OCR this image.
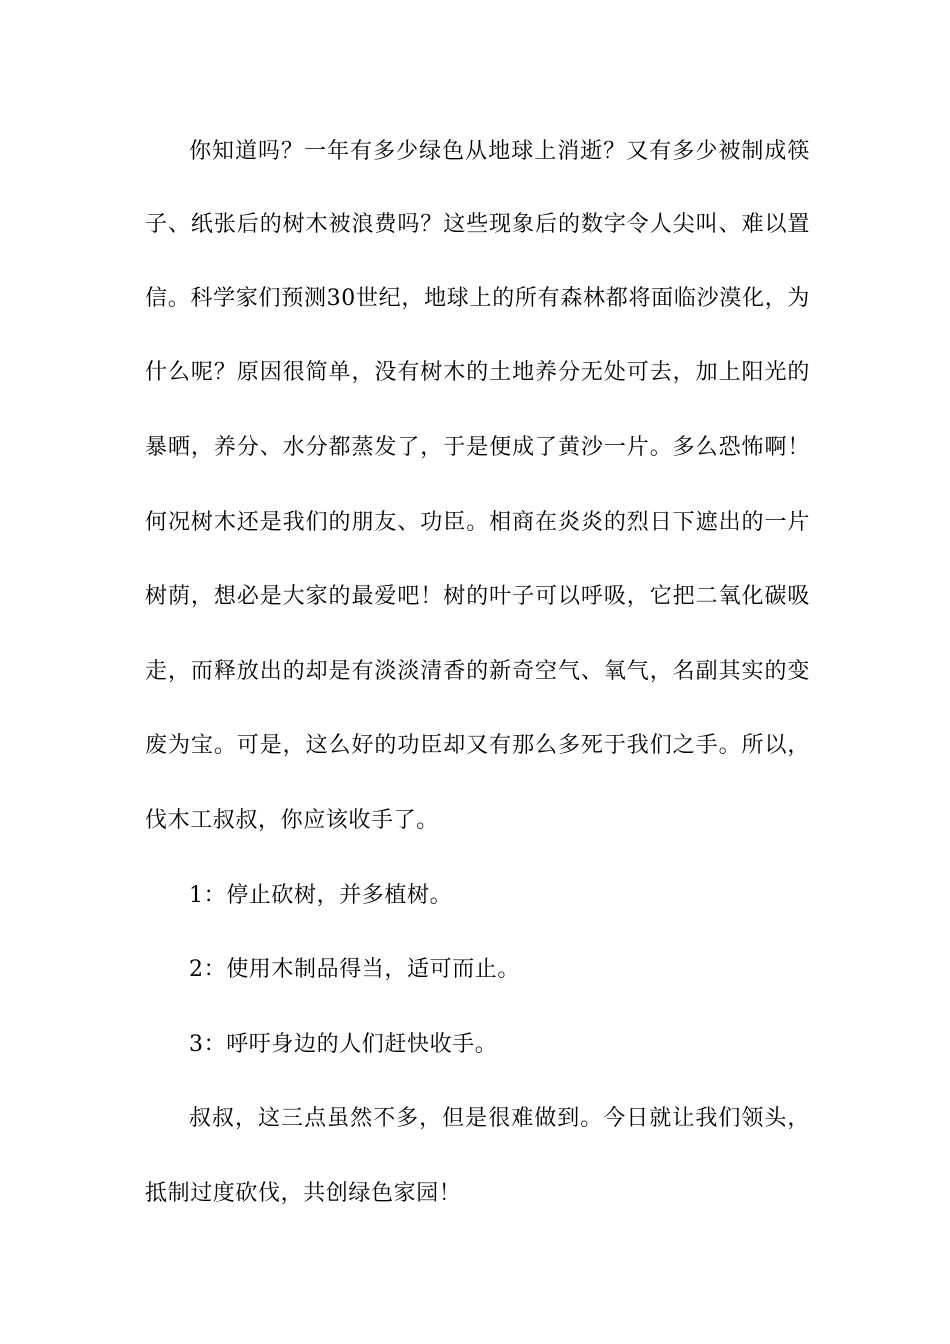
你知道吗？一年有多少绿色从地球上消逝？又有多少被制成筷
子、纸张后的树木被浪费吗？这些现象后的数字令人尖叫、难以置
信。科学家们预测30世纪，地球上的所有森林都将面临沙漠化，为
什么呢？原因很简单，没有树木的土地养分无处可去，加上阳光的
暴晒，养分、水分都蒸发了，于是便成了黄沙一片。多么恐怖啊！
何况树木还是我们的朋友、功臣。相商在炎炎的烈日下遮出的一片
树荫，想必是大家的最爱吧！树的叶子可以呼吸，它把二氧化碳吸
走，而释放出的却是有淡淡清香的新奇空气、氧气，名副其实的变
废为宝。可是，这么好的功臣却又有那么多死于我们之手。所以，
伐木工叔叔，你应该收手了。
1：停止砍树，并多植树。
2：使用木制品得当，适可而止。
3：呼吁身边的人们赶快收手。
叔叔，这三点虽然不多，但是很难做到。今日就让我们领头，
抵制过度砍伐，共创绿色家园！
